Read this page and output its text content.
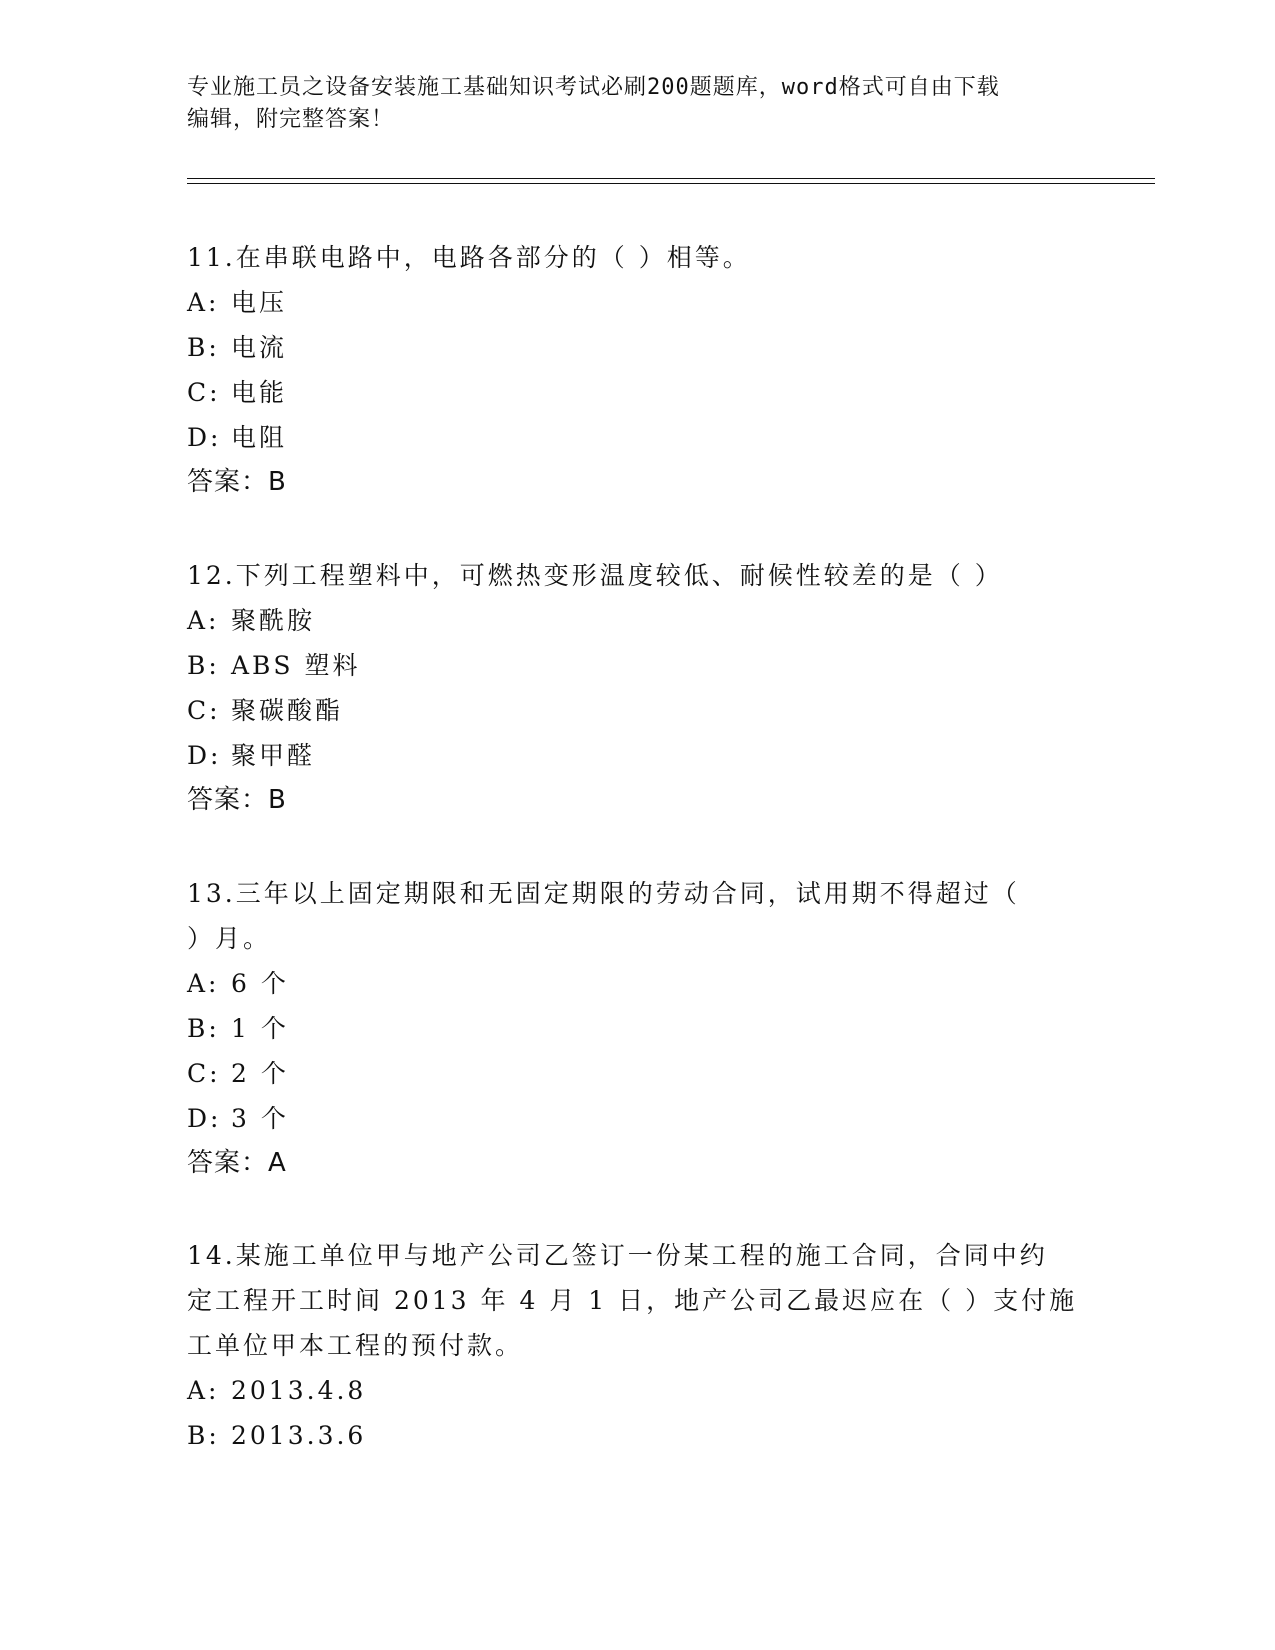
专业施工员之设备安装施工基础知识考试必刷200题题库，word格式可自由下载
编辑，附完整答案！

11.在串联电路中，电路各部分的（ ）相等。

A: 电压

B: 电流

C: 电能

D: 电阻

答案：B

12.下列工程塑料中，可燃热变形温度较低、耐候性较差的是（ ）

A: 聚酰胺

B: ABS 塑料

C: 聚碳酸酯

D: 聚甲醛

答案：B

13.三年以上固定期限和无固定期限的劳动合同，试用期不得超过（

）月。

A: 6 个

B: 1 个

C: 2 个

D: 3 个

答案：A

14.某施工单位甲与地产公司乙签订一份某工程的施工合同，合同中约

定工程开工时间 2013 年 4 月 1 日，地产公司乙最迟应在（ ）支付施

工单位甲本工程的预付款。

A: 2013.4.8

B: 2013.3.6
